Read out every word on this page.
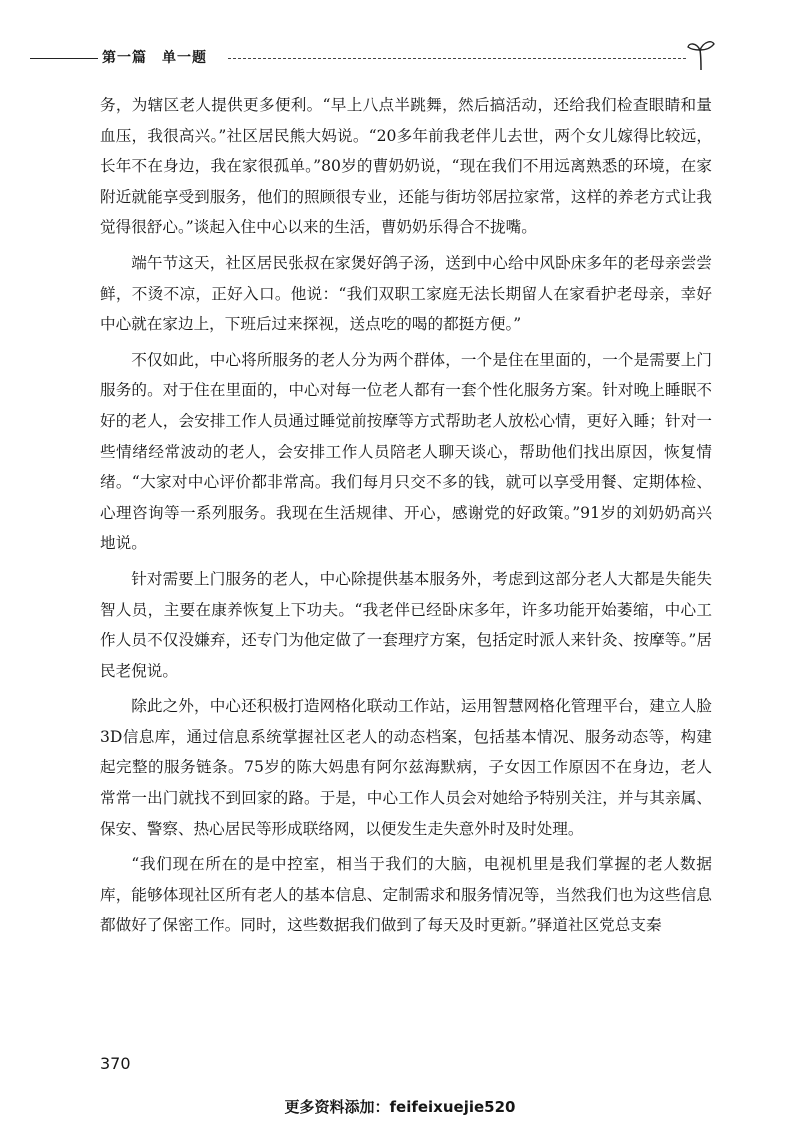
第一篇　单一题

务，为辖区老人提供更多便利。“早上八点半跳舞，然后搞活动，还给我们检查眼睛和量血压，我很高兴。”社区居民熊大妈说。“20多年前我老伴儿去世，两个女儿嫁得比较远，长年不在身边，我在家很孤单。”80岁的曹奶奶说，“现在我们不用远离熟悉的环境，在家附近就能享受到服务，他们的照顾很专业，还能与街坊邻居拉家常，这样的养老方式让我觉得很舒心。”谈起入住中心以来的生活，曹奶奶乐得合不拢嘴。

端午节这天，社区居民张叔在家煲好鸽子汤，送到中心给中风卧床多年的老母亲尝尝鲜，不烫不凉，正好入口。他说：“我们双职工家庭无法长期留人在家看护老母亲，幸好中心就在家边上，下班后过来探视，送点吃的喝的都挺方便。”

不仅如此，中心将所服务的老人分为两个群体，一个是住在里面的，一个是需要上门服务的。对于住在里面的，中心对每一位老人都有一套个性化服务方案。针对晚上睡眠不好的老人，会安排工作人员通过睡觉前按摩等方式帮助老人放松心情，更好入睡；针对一些情绪经常波动的老人，会安排工作人员陪老人聊天谈心，帮助他们找出原因，恢复情绪。“大家对中心评价都非常高。我们每月只交不多的钱，就可以享受用餐、定期体检、心理咨询等一系列服务。我现在生活规律、开心，感谢党的好政策。”91岁的刘奶奶高兴地说。

针对需要上门服务的老人，中心除提供基本服务外，考虑到这部分老人大都是失能失智人员，主要在康养恢复上下功夫。“我老伴已经卧床多年，许多功能开始萎缩，中心工作人员不仅没嫌弃，还专门为他定做了一套理疗方案，包括定时派人来针灸、按摩等。”居民老倪说。

除此之外，中心还积极打造网格化联动工作站，运用智慧网格化管理平台，建立人脸3D信息库，通过信息系统掌握社区老人的动态档案，包括基本情况、服务动态等，构建起完整的服务链条。75岁的陈大妈患有阿尔兹海默病，子女因工作原因不在身边，老人常常一出门就找不到回家的路。于是，中心工作人员会对她给予特别关注，并与其亲属、保安、警察、热心居民等形成联络网，以便发生走失意外时及时处理。

“我们现在所在的是中控室，相当于我们的大脑，电视机里是我们掌握的老人数据库，能够体现社区所有老人的基本信息、定制需求和服务情况等，当然我们也为这些信息都做好了保密工作。同时，这些数据我们做到了每天及时更新。”驿道社区党总支秦

370
更多资料添加：feifeixuejie520
